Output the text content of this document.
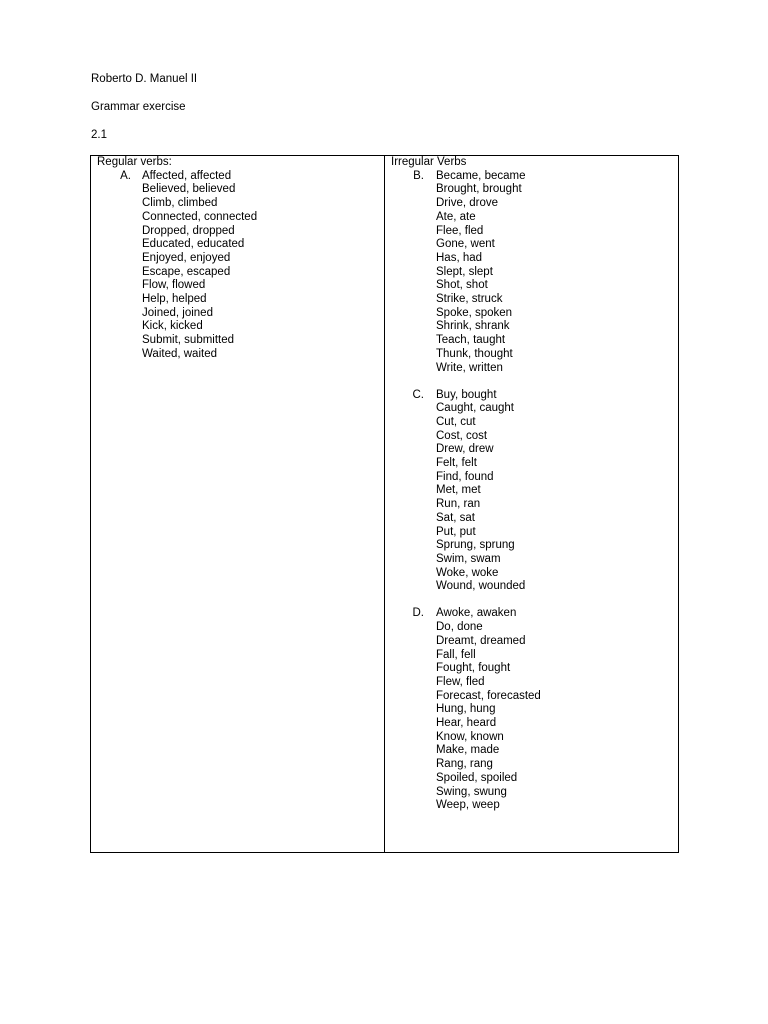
Roberto D. Manuel II
Grammar exercise
2.1
Regular verbs:
A. Affected, affected
Believed, believed
Climb, climbed
Connected, connected
Dropped, dropped
Educated, educated
Enjoyed, enjoyed
Escape, escaped
Flow, flowed
Help, helped
Joined, joined
Kick, kicked
Submit, submitted
Waited, waited
Irregular Verbs
B. Became, became
Brought, brought
Drive, drove
Ate, ate
Flee, fled
Gone, went
Has, had
Slept, slept
Shot, shot
Strike, struck
Spoke, spoken
Shrink, shrank
Teach, taught
Thunk, thought
Write, written
C. Buy, bought
Caught, caught
Cut, cut
Cost, cost
Drew, drew
Felt, felt
Find, found
Met, met
Run, ran
Sat, sat
Put, put
Sprung, sprung
Swim, swam
Woke, woke
Wound, wounded
D. Awoke, awaken
Do, done
Dreamt, dreamed
Fall, fell
Fought, fought
Flew, fled
Forecast, forecasted
Hung, hung
Hear, heard
Know, known
Make, made
Rang, rang
Spoiled, spoiled
Swing, swung
Weep, weep
